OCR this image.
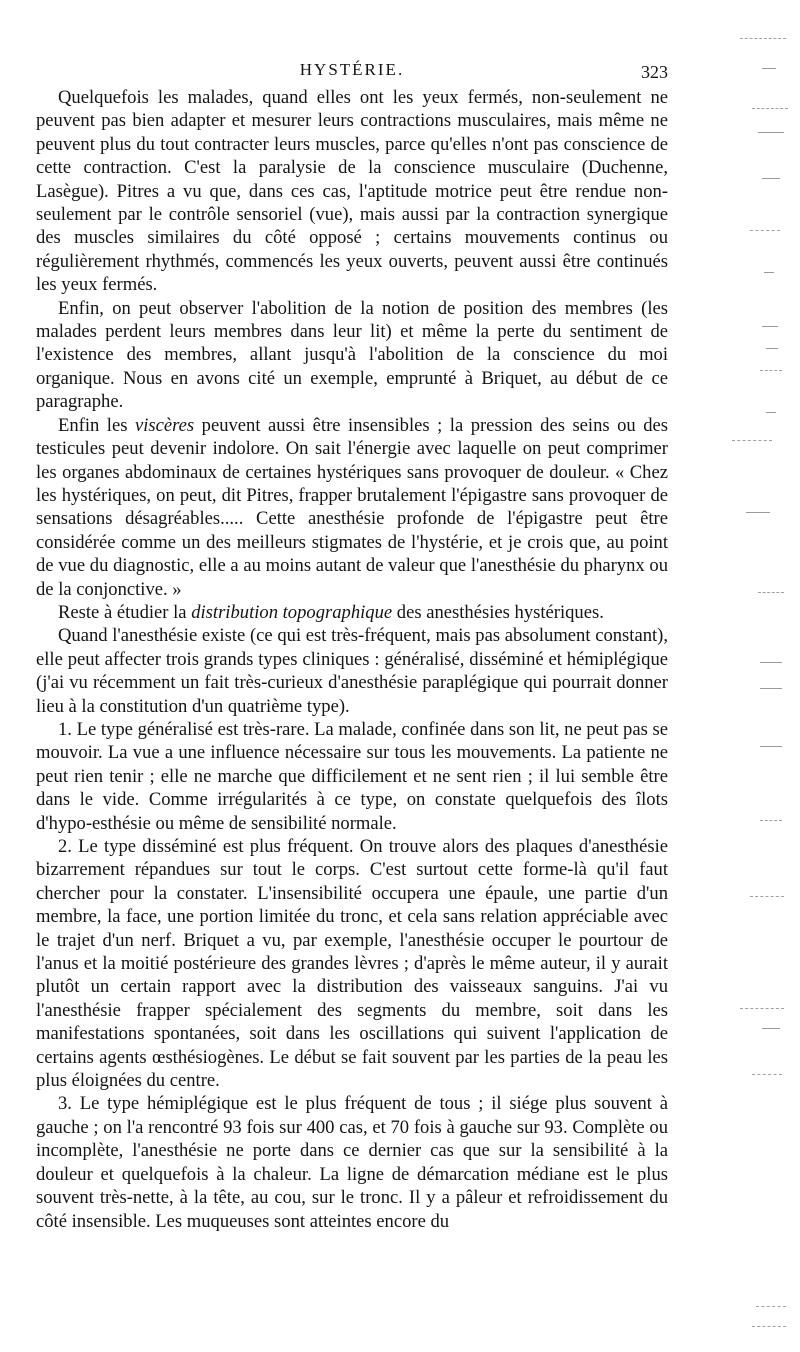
HYSTÉRIE.	323

Quelquefois les malades, quand elles ont les yeux fermés, non-seulement ne peuvent pas bien adapter et mesurer leurs contractions musculaires, mais même ne peuvent plus du tout contracter leurs muscles, parce qu'elles n'ont pas conscience de cette contraction. C'est la paralysie de la conscience musculaire (Duchenne, Lasègue). Pitres a vu que, dans ces cas, l'aptitude motrice peut être rendue non-seulement par le contrôle sensoriel (vue), mais aussi par la contraction synergique des muscles similaires du côté opposé ; certains mouvements continus ou régulièrement rhythmés, commencés les yeux ouverts, peuvent aussi être continués les yeux fermés.

Enfin, on peut observer l'abolition de la notion de position des membres (les malades perdent leurs membres dans leur lit) et même la perte du sentiment de l'existence des membres, allant jusqu'à l'abolition de la conscience du moi organique. Nous en avons cité un exemple, emprunté à Briquet, au début de ce paragraphe.

Enfin les viscères peuvent aussi être insensibles ; la pression des seins ou des testicules peut devenir indolore. On sait l'énergie avec laquelle on peut comprimer les organes abdominaux de certaines hystériques sans provoquer de douleur. « Chez les hystériques, on peut, dit Pitres, frapper brutalement l'épigastre sans provoquer de sensations désagréables..... Cette anesthésie profonde de l'épigastre peut être considérée comme un des meilleurs stigmates de l'hystérie, et je crois que, au point de vue du diagnostic, elle a au moins autant de valeur que l'anesthésie du pharynx ou de la conjonctive. »

Reste à étudier la distribution topographique des anesthésies hystériques.

Quand l'anesthésie existe (ce qui est très-fréquent, mais pas absolument constant), elle peut affecter trois grands types cliniques : généralisé, disséminé et hémiplégique (j'ai vu récemment un fait très-curieux d'anesthésie paraplégique qui pourrait donner lieu à la constitution d'un quatrième type).

1. Le type généralisé est très-rare. La malade, confinée dans son lit, ne peut pas se mouvoir. La vue a une influence nécessaire sur tous les mouvements. La patiente ne peut rien tenir ; elle ne marche que difficilement et ne sent rien ; il lui semble être dans le vide. Comme irrégularités à ce type, on constate quelquefois des îlots d'hypo-esthésie ou même de sensibilité normale.

2. Le type disséminé est plus fréquent. On trouve alors des plaques d'anesthésie bizarrement répandues sur tout le corps. C'est surtout cette forme-là qu'il faut chercher pour la constater. L'insensibilité occupera une épaule, une partie d'un membre, la face, une portion limitée du tronc, et cela sans relation appréciable avec le trajet d'un nerf. Briquet a vu, par exemple, l'anesthésie occuper le pourtour de l'anus et la moitié postérieure des grandes lèvres ; d'après le même auteur, il y aurait plutôt un certain rapport avec la distribution des vaisseaux sanguins. J'ai vu l'anesthésie frapper spécialement des segments du membre, soit dans les manifestations spontanées, soit dans les oscillations qui suivent l'application de certains agents œsthésiogènes. Le début se fait souvent par les parties de la peau les plus éloignées du centre.

3. Le type hémiplégique est le plus fréquent de tous ; il siége plus souvent à gauche ; on l'a rencontré 93 fois sur 400 cas, et 70 fois à gauche sur 93. Complète ou incomplète, l'anesthésie ne porte dans ce dernier cas que sur la sensibilité à la douleur et quelquefois à la chaleur. La ligne de démarcation médiane est le plus souvent très-nette, à la tête, au cou, sur le tronc. Il y a pâleur et refroidissement du côté insensible. Les muqueuses sont atteintes encore du
